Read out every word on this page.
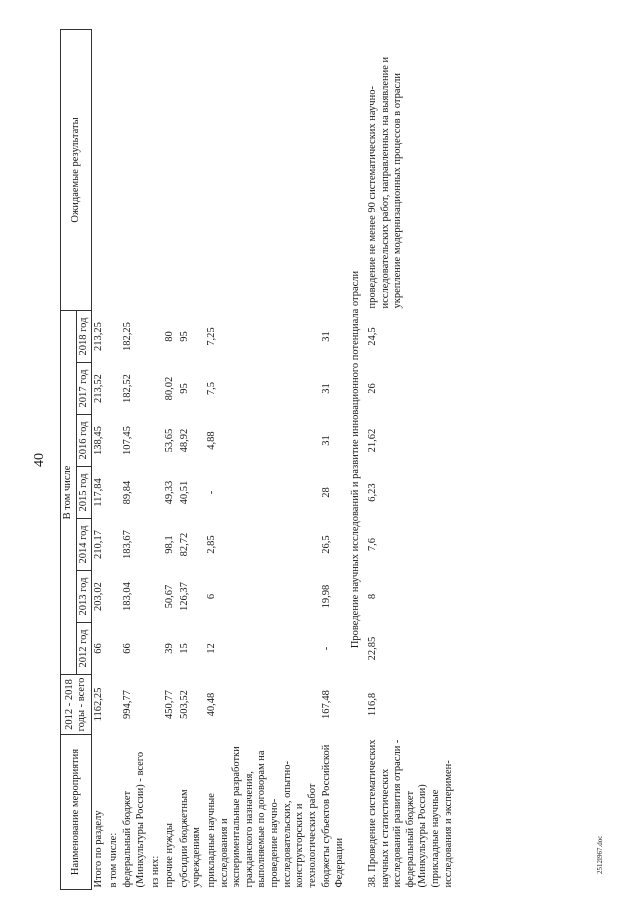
40
2512l967.doc
Наименование мероприятия	2012 - 2018 годы - всего	В том числе							Ожидаемые результаты
		2012 год	2013 год	2014 год	2015 год	2016 год	2017 год	2018 год	
Итого по разделу	1162,25	66	203,02	210,17	117,84	138,45	213,52	213,25	
в том числе:									
федеральный бюджет (Минкультуры России) - всего	994,77	66	183,04	183,67	89,84	107,45	182,52	182,25	
из них:									
прочие нужды	450,77	39	50,67	98,1	49,33	53,65	80,02	80	
субсидии бюджетным учреждениям	503,52	15	126,37	82,72	40,51	48,92	95	95	
прикладные научные исследования и экспериментальные разработки гражданского назначения, выполняемые по договорам на проведение научно-исследовательских, опытно-конструкторских и технологических работ	40,48	12	6	2,85	-	4,88	7,5	7,25	
бюджеты субъектов Российской Федерации	167,48	-	19,98	26,5	28	31	31	31	
Проведение научных исследований и развитие инновационного потенциала отрасли									
38. Проведение систематических научных и статистических исследований развития отрасли - федеральный бюджет (Минкультуры России) (прикладные научные исследования и эксперимен-	116,8	22,85	8	7,6	6,23	21,62	26	24,5	проведение не менее 90 систематических научно-исследовательских работ, направленных на выявление и укрепление модернизационных процессов в отрасли
